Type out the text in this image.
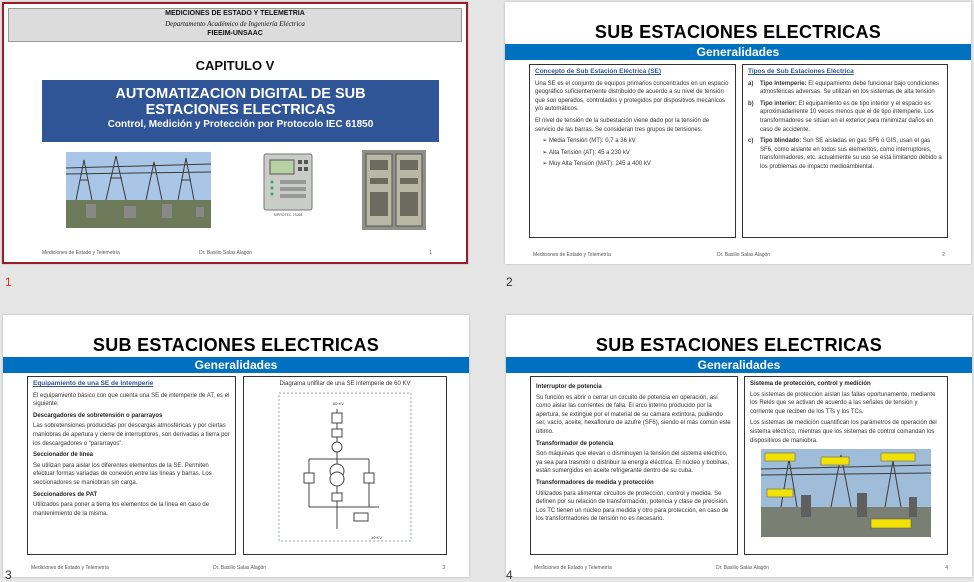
MEDICIONES DE ESTADO Y TELEMETRIA
Departamento Académico de Ingeniería Eléctrica
FIEEIM-UNSAAC
CAPITULO V
AUTOMATIZACION DIGITAL DE SUB
ESTACIONES ELECTRICAS
Control, Medición y Protección por Protocolo IEC 61850
SIPROTEC 7SJ64
Mediciones de Estado y Telemetría	Dr. Basilio Salas Alagón	1
1
SUB ESTACIONES ELECTRICAS
Generalidades
Concepto de Sub Estación Eléctrica (SE)

Una SE es el conjunto de equipos primarios concentrados en un espacio geográfico suficientemente distribuido de acuerdo a su nivel de tensión que son operados, controlados y protegidos por dispositivos mecánicos y/o automáticos.

El nivel de tensión de la subestación viene dado por la tensión de servicio de las barras. Se consideran tres grupos de tensiones:

➢ Media Tensión (MT): 0,7 a 36 kV
➢ Alta Tensión (AT): 45 a 230 kV
➢ Muy Alta Tensión (MAT): 245 a 400 kV
Tipos de Sub Estaciones Eléctrica
a)	Tipo Intemperie: El equipamiento debe funcionar bajo condiciones atmosféricas adversas. Se utilizan en los sistemas de alta tensión
b)	Tipo interior: El equipamiento es de tipo interior y el espacio es aproximadamente 10 veces menos que el de tipo intemperie. Los transformadores se sitúan en el exterior para minimizar daños en caso de accidente.
c)	Tipo blindado: Son SE aisladas en gas SF6 ó GIS, usan el gas SF6, como aislante en todos sus elementos, como interruptores, transformadores, etc. actualmente su uso se está limitando debido a los problemas de impacto medioambiental.
Mediciones de Estado y Telemetría	Dr. Basilio Salas Alagón	2
2
SUB ESTACIONES ELECTRICAS
Generalidades
Equipamiento de una SE de Intemperie

El equipamiento básico con que cuenta una SE de intemperie de AT, es el siguiente:

Descargadores de sobretensión o pararrayos

Las sobretensiones producidas por descargas atmosféricas y por ciertas maniobras de apertura y cierre de interruptores, son derivadas a tierra por los descargadores o “pararrayos”.

Seccionador de línea

Se utilizan para aislar los diferentes elementos de la SE. Permiten efectuar formas variadas de conexión entre las líneas y barras. Los seccionadores se maniobran sin carga.

Seccionadores de PAT

Utilizados para poner a tierra los elementos de la línea en caso de mantenimiento de la misma.

Diagrama unifilar de una SE intemperie de 60 KV
60 KV
10 KV
Mediciones de Estado y Telemetría	Dr. Basilio Salas Alagón	3
3
SUB ESTACIONES ELECTRICAS
Generalidades
Interruptor de potencia

Su función es abrir o cerrar un circuito de potencia en operación, así como aislar las corrientes de falla. El arco interno producido por la apertura, se extingue por el material de su cámara extintora, pudiendo ser, vacío, aceite, hexafloruro de azufre (SF6), siendo el más común este último.

Transformador de potencia

Son máquinas que elevan o disminuyen la tensión del sistema eléctrico, ya sea para trasmitir o distribuir la energía eléctrica. El núcleo y bobinas, están sumergidos en aceite refrigerante dentro de su cuba.

Transformadores de medida y protección

Utilizados para alimentar circuitos de protección, control y medida. Se definen por su relación de transformación, potencia y clase de precisión. Los TC tienen un núcleo para medida y otro para protección, en caso de los transformadores de tensión no es necesario.

Sistema de protección, control y medición

Los sistemas de protección aíslan las fallas oportunamente, mediante los Relés que se activan de acuerdo a las señales de tensión y corriente que reciben de los TTs y los TCs.

Los sistemas de medición cuantifican los parámetros de operación del sistema eléctrico, mientras que los sistemas de control comandan los dispositivos de maniobra.

Mediciones de Estado y Telemetría	Dr. Basilio Salas Alagón	4
4
